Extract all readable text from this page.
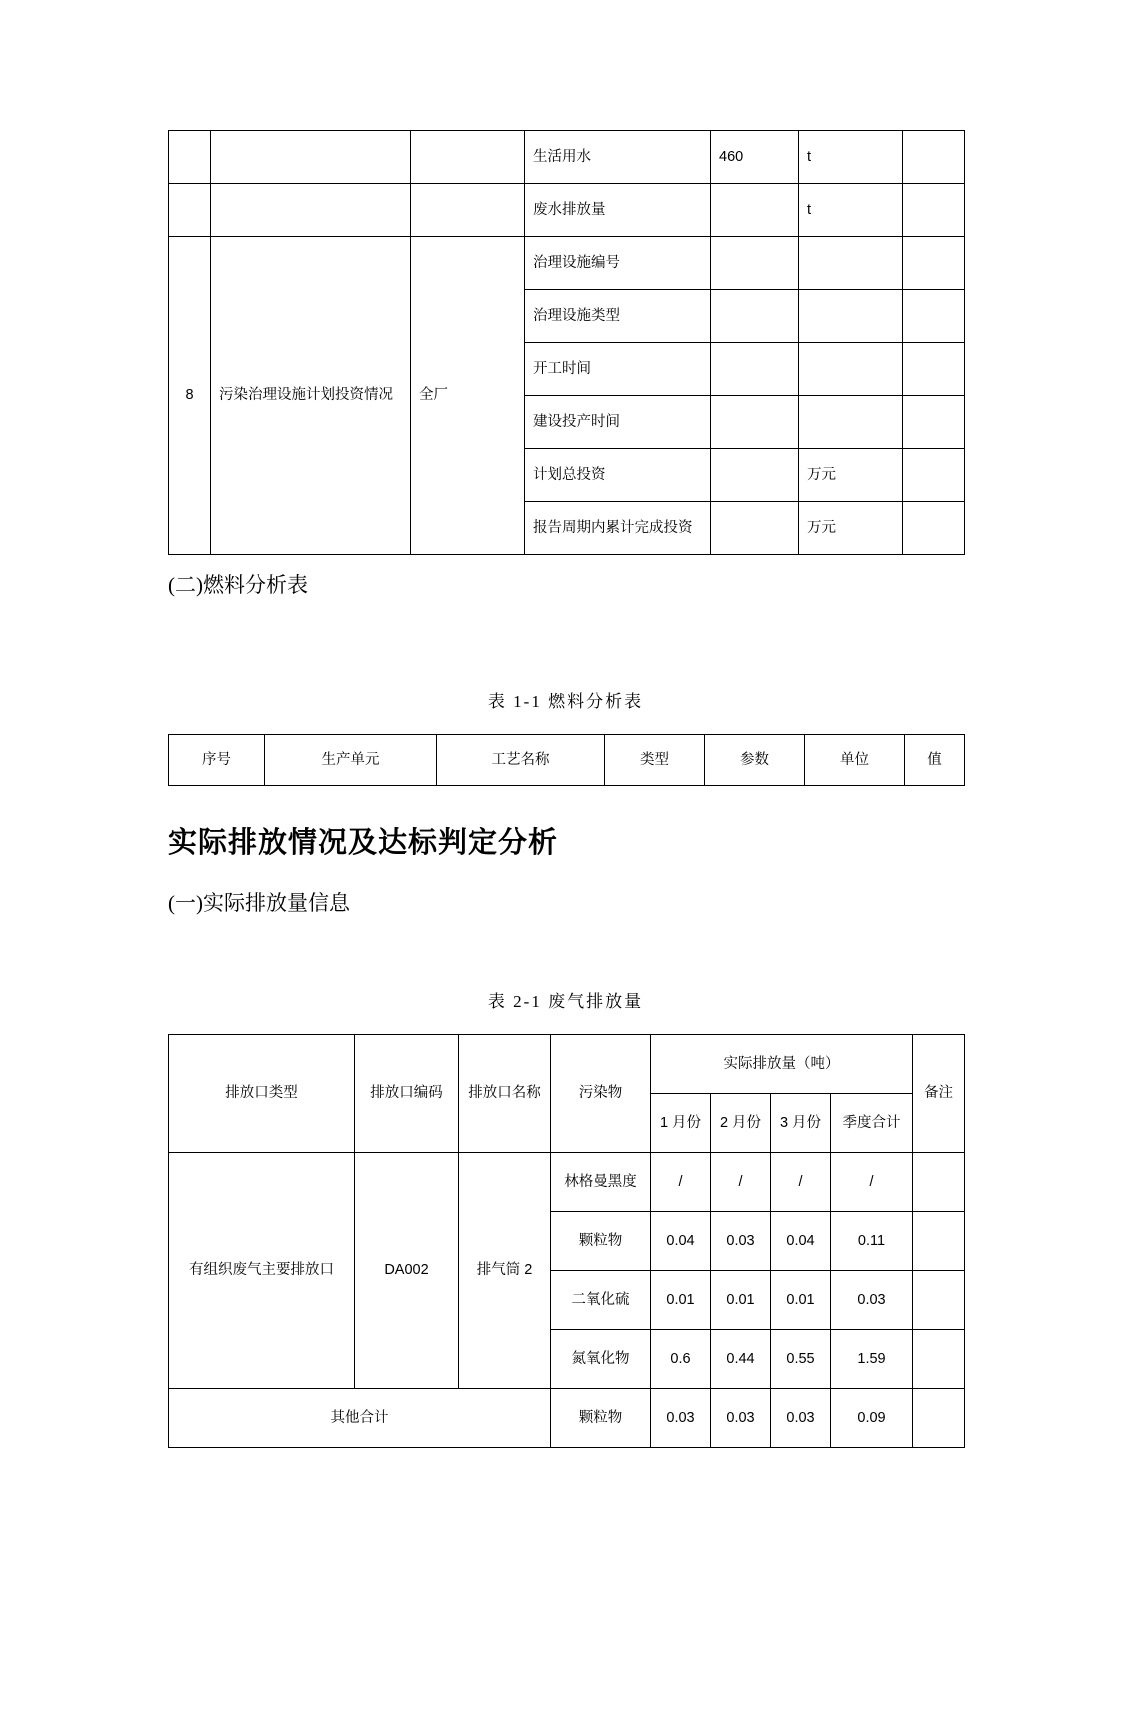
			生活用水	460	t	
			废水排放量		t	
8	污染治理设施计划投资情况	全厂	治理设施编号			
			治理设施类型			
			开工时间			
			建设投产时间			
			计划总投资		万元	
			报告周期内累计完成投资		万元	

(二)燃料分析表

表 1-1 燃料分析表

序号	生产单元	工艺名称	类型	参数	单位	值
实际排放情况及达标判定分析

(一)实际排放量信息

表 2-1 废气排放量

排放口类型	排放口编码	排放口名称	污染物	实际排放量（吨）				备注
				1 月份	2 月份	3 月份	季度合计	
有组织废气主要排放口	DA002	排气筒 2	林格曼黑度	/	/	/	/	
			颗粒物	0.04	0.03	0.04	0.11	
			二氧化硫	0.01	0.01	0.01	0.03	
			氮氧化物	0.6	0.44	0.55	1.59	
其他合计			颗粒物	0.03	0.03	0.03	0.09	
